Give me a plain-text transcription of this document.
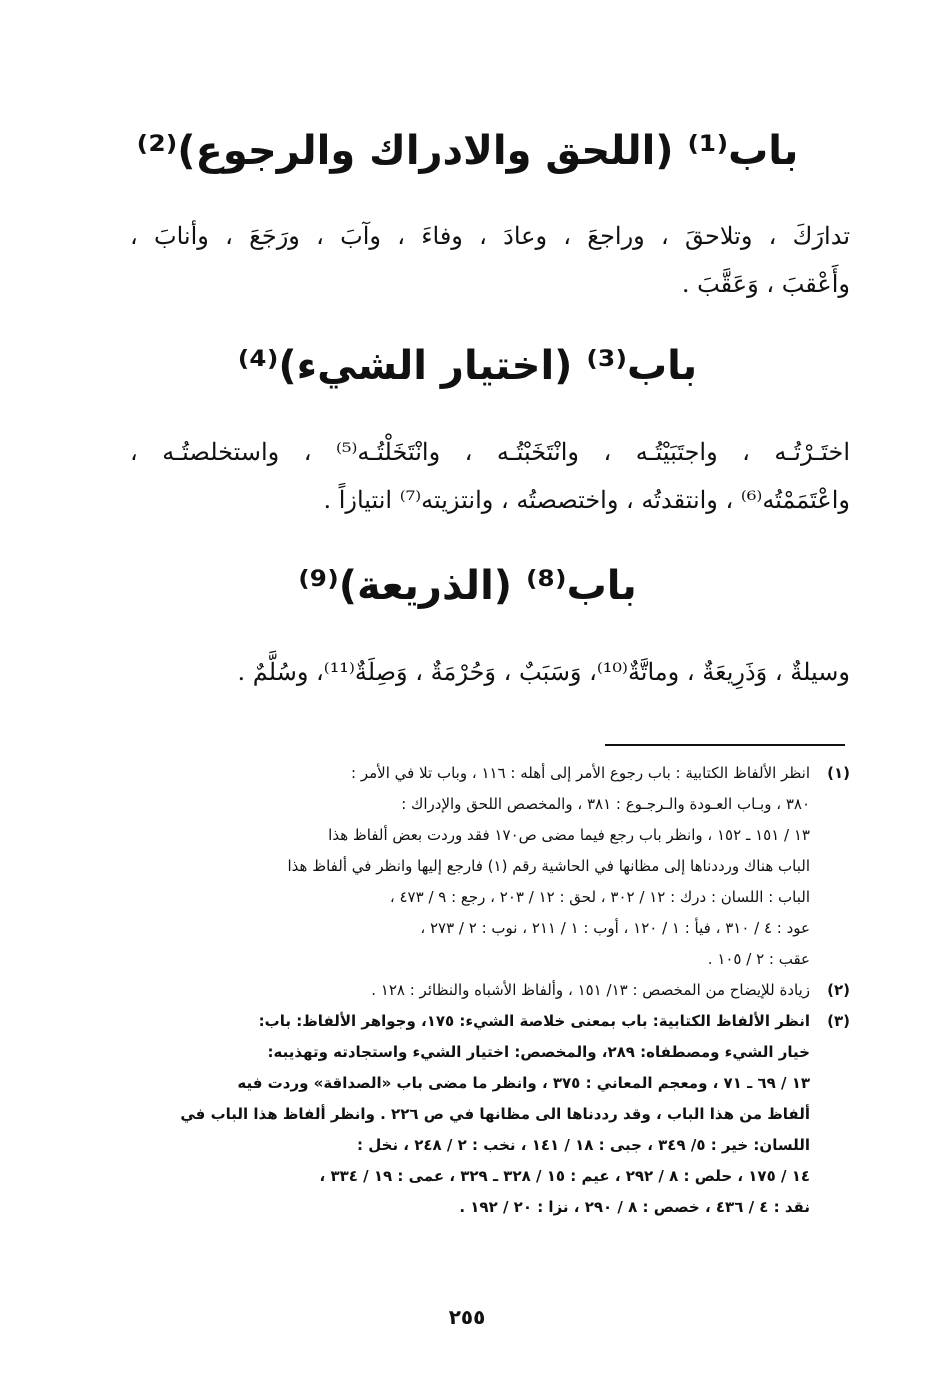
باب⁽¹⁾ (اللحق والادراك والرجوع)⁽²⁾

تدارَكَ ، وتلاحقَ ، وراجعَ ، وعادَ ، وفاءَ ، وآبَ ، ورَجَعَ ، وأنابَ ،

وأَعْقبَ ، وَعَقَّبَ .

باب⁽³⁾ (اختيار الشيء)⁽⁴⁾

اختَـرْتُـه ، واجتَبَيْتُـه ، وانْتَخَبْتُـه ، وانْتَخَلْتُـه⁽⁵⁾ ، واستخلصتُـه ،

واعْتَمَمْتُه⁽⁶⁾ ، وانتقدتُه ، واختصصتُه ، وانتزيته⁽⁷⁾ انتيازاً .

باب⁽⁸⁾ (الذريعة)⁽⁹⁾

وسيلةٌ ، وَذَرِيعَةٌ ، وماتَّةٌ⁽¹⁰⁾، وَسَبَبٌ ، وَحُرْمَةٌ ، وَصِلَةٌ⁽¹¹⁾، وسُلَّمٌ .

(١)
انظر الألفاظ الكتابية : باب رجوع الأمر إلى أهله : ١١٦ ، وباب تلا في الأمر :
٣٨٠ ، وبـاب العـودة والـرجـوع : ٣٨١ ، والمخصص اللحق والإدراك :
١٣ / ١٥١ ـ ١٥٢ ، وانظر باب رجع فيما مضى ص١٧٠ فقد وردت بعض ألفاظ هذا
الباب هناك ورددناها إلى مظانها في الحاشية رقم (١) فارجع إليها وانظر في ألفاظ هذا
الباب : اللسان : درك : ١٢ / ٣٠٢ ، لحق : ١٢ / ٢٠٣ ، رجع : ٩ / ٤٧٣ ،
عود : ٤ / ٣١٠ ، فيأ : ١ / ١٢٠ ، أوب : ١ / ٢١١ ، نوب : ٢ / ٢٧٣ ،
عقب : ٢ / ١٠٥ .
(٢)
زيادة للإيضاح من المخصص : ١٣/ ١٥١ ، وألفاظ الأشباه والنظائر : ١٢٨ .
(٣)
انظر الألفاظ الكتابية: باب بمعنى خلاصة الشيء: ١٧٥، وجواهر الألفاظ: باب:
خيار الشيء ومصطفاه: ٢٨٩، والمخصص: اختيار الشيء واستجادته وتهذيبه:
١٣ / ٦٩ ـ ٧١ ، ومعجم المعاني : ٣٧٥ ، وانظر ما مضى باب «الصداقة» وردت فيه
ألفاظ من هذا الباب ، وقد رددناها الى مظانها في ص ٢٢٦ . وانظر ألفاظ هذا الباب في
اللسان: خير : ٥/ ٣٤٩ ، جبى : ١٨ / ١٤١ ، نخب : ٢ / ٢٤٨ ، نخل :
١٤ / ١٧٥ ، حلص : ٨ / ٢٩٢ ، عيم : ١٥ / ٣٢٨ ـ ٣٢٩ ، عمى : ١٩ / ٣٣٤ ،
نقد : ٤ / ٤٣٦ ، خصص : ٨ / ٢٩٠ ، نزا : ٢٠ / ١٩٢ .
٢٥٥
